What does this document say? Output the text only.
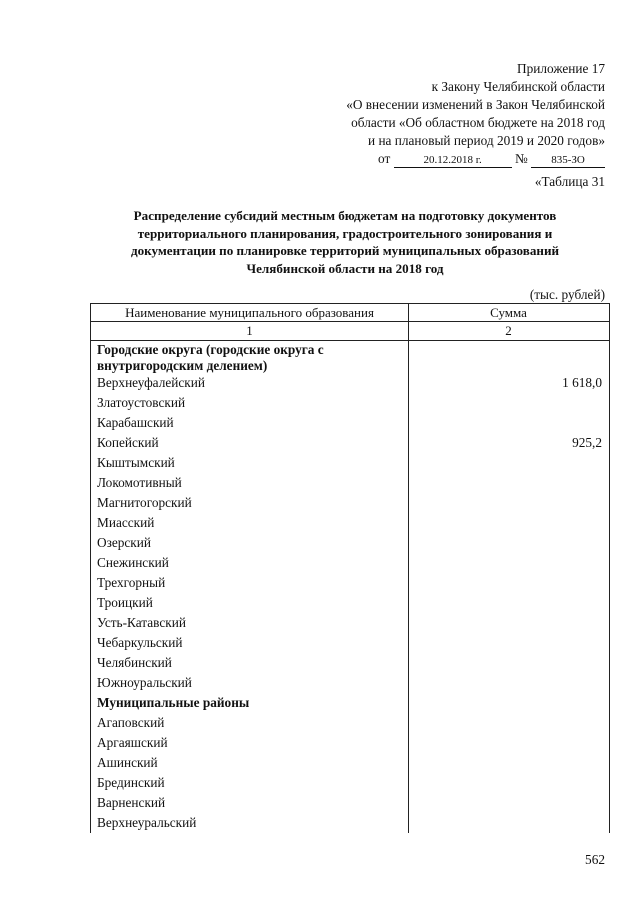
Приложение 17
к Закону Челябинской области
«О внесении изменений в Закон Челябинской
области «Об областном бюджете на 2018 год
и на плановый период 2019 и 2020 годов»
от	20.12.2018 г. № 835-ЗО
«Таблица 31
Распределение субсидий местным бюджетам на подготовку документов территориального планирования, градостроительного зонирования и документации по планировке территорий муниципальных образований Челябинской области на 2018 год
(тыс. рублей)
Наименование муниципального образования	Сумма
1	2
Городские округа (городские округа с внутригородским делением)
Верхнеуфалейский	1 618,0
Златоустовский
Карабашский
Копейский	925,2
Кыштымский
Локомотивный
Магнитогорский
Миасский
Озерский
Снежинский
Трехгорный
Троицкий
Усть-Катавский
Чебаркульский
Челябинский
Южноуральский
Муниципальные районы
Агаповский
Аргаяшский
Ашинский
Брединский
Варненский
Верхнеуральский
562
